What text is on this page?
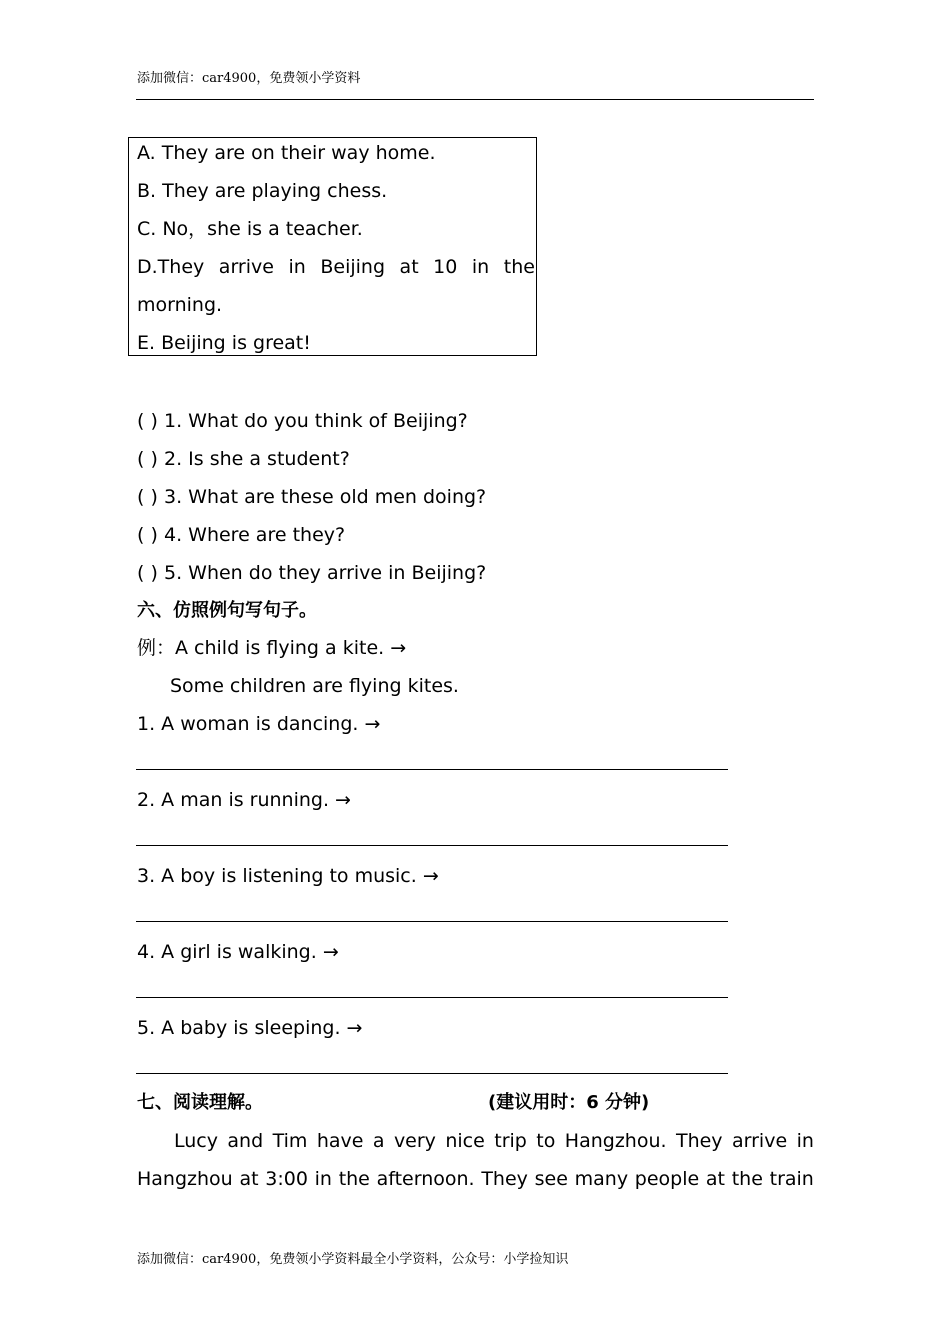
添加微信：car4900，免费领小学资料
A. They are on their way home.
B. They are playing chess.
C. No，she is a teacher.
D.They arrive in Beijing at 10 in the
morning.
E. Beijing is great!
( ) 1. What do you think of Beijing?
( ) 2. Is she a student?
( ) 3. What are these old men doing?
( ) 4. Where are they?
( ) 5. When do they arrive in Beijing?
六、仿照例句写句子。
例：A child is flying a kite. →
Some children are flying kites.
1. A woman is dancing. →
2. A man is running. →
3. A boy is listening to music. →
4. A girl is walking. →
5. A baby is sleeping. →
七、阅读理解。	(建议用时：6 分钟)
Lucy and Tim have a very nice trip to Hangzhou. They arrive in
Hangzhou at 3:00 in the afternoon. They see many people at the train
添加微信：car4900，免费领小学资料最全小学资料，公众号：小学捡知识
